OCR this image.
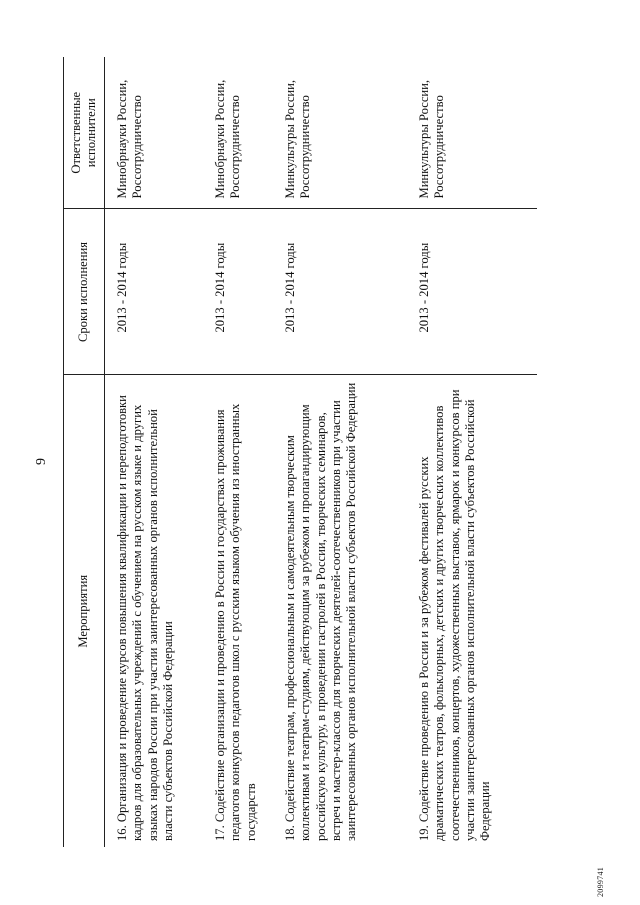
9
Мероприятия	Сроки исполнения	Ответственные исполнители
16. Организация и проведение курсов повышения квалификации и переподготовки кадров для образовательных учреждений с обучением на русском языке и других языках народов России при участии заинтересованных органов исполнительной власти субъектов Российской Федерации	2013 - 2014 годы	Минобрнауки России, Россотрудничество
17. Содействие организации и проведению в России и государствах проживания педагогов конкурсов педагогов школ с русским языком обучения из иностранных государств	2013 - 2014 годы	Минобрнауки России, Россотрудничество
18. Содействие театрам, профессиональным и самодеятельным творческим коллективам и театрам-студиям, действующим за рубежом и пропагандирующим российскую культуру, в проведении гастролей в России, творческих семинаров, встреч и мастер-классов для творческих деятелей-соотечественников при участии заинтересованных органов исполнительной власти субъектов Российской Федерации	2013 - 2014 годы	Минкультуры России, Россотрудничество
19. Содействие проведению в России и за рубежом фестивалей русских драматических театров, фольклорных, детских и других творческих коллективов соотечественников, концертов, художественных выставок, ярмарок и конкурсов при участии заинтересованных органов исполнительной власти субъектов Российской Федерации	2013 - 2014 годы	Минкультуры России, Россотрудничество
2099741
